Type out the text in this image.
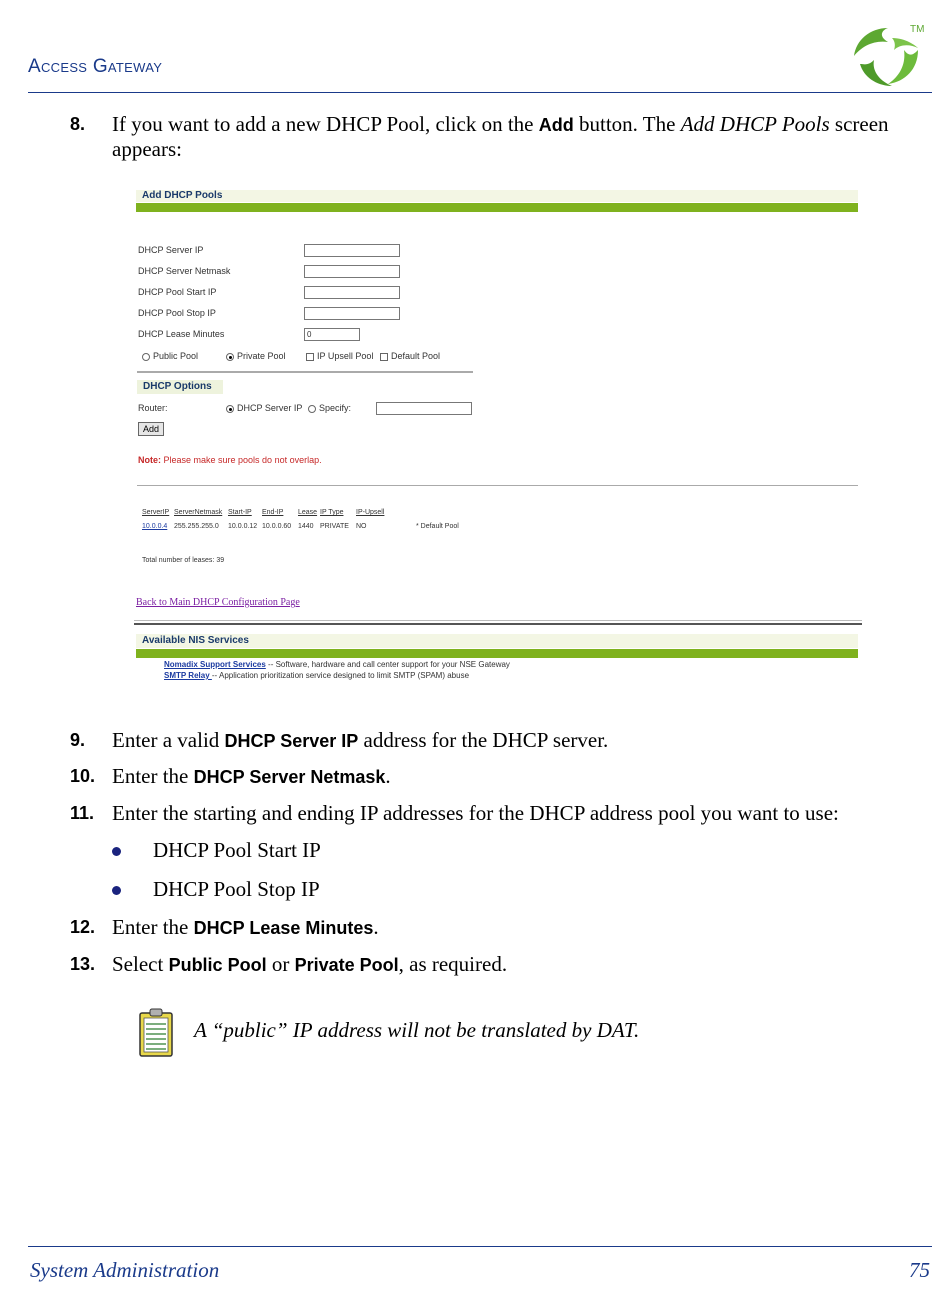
Access Gateway
TM
8. If you want to add a new DHCP Pool, click on the Add button. The Add DHCP Pools screen appears:
Add DHCP Pools
DHCP Server IP
DHCP Server Netmask
DHCP Pool Start IP
DHCP Pool Stop IP
DHCP Lease Minutes	0
Public Pool	Private Pool	IP Upsell Pool	Default Pool
DHCP Options
Router:	DHCP Server IP	Specify:
Add
Note: Please make sure pools do not overlap.
ServerIP ServerNetmask Start-IP End-IP Lease IP Type IP-Upsell
10.0.0.4 255.255.255.0 10.0.0.12 10.0.0.60 1440 PRIVATE NO	* Default Pool
Total number of leases: 39
Back to Main DHCP Configuration Page
Available NIS Services
Nomadix Support Services -- Software, hardware and call center support for your NSE Gateway
SMTP Relay -- Application prioritization service designed to limit SMTP (SPAM) abuse
9. Enter a valid DHCP Server IP address for the DHCP server.
10. Enter the DHCP Server Netmask.
11. Enter the starting and ending IP addresses for the DHCP address pool you want to use:
DHCP Pool Start IP
DHCP Pool Stop IP
12. Enter the DHCP Lease Minutes.
13. Select Public Pool or Private Pool, as required.
A “public” IP address will not be translated by DAT.
System Administration	75
